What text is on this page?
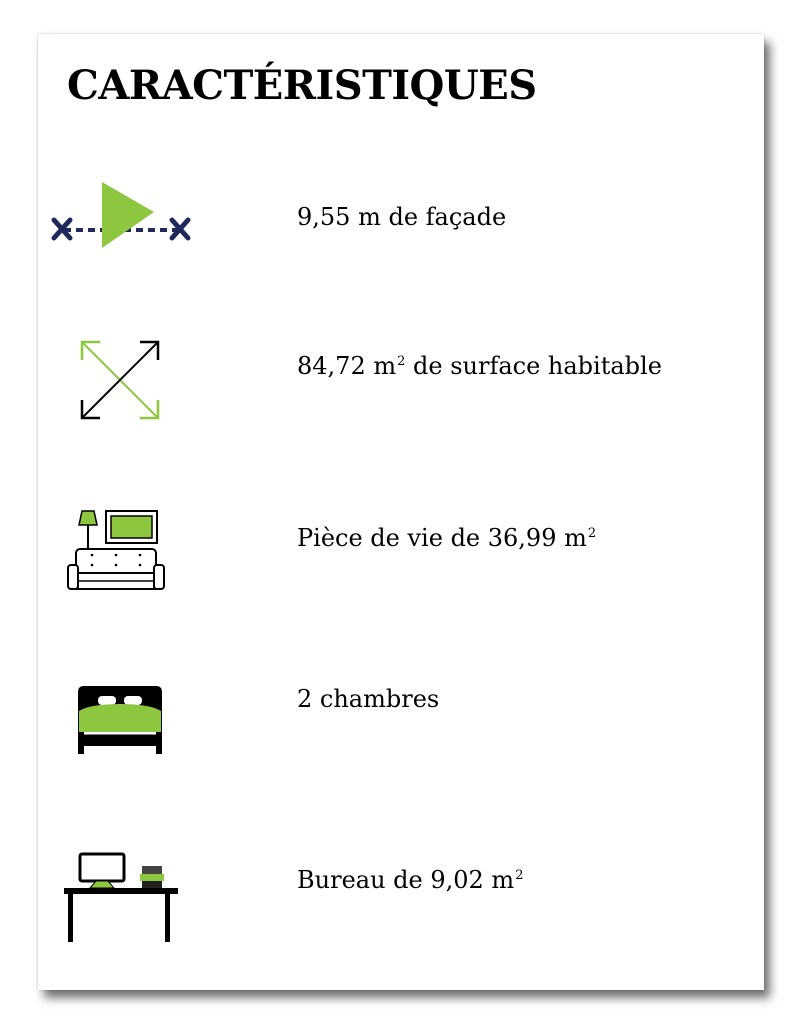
CARACTÉRISTIQUES
9,55 m de façade
84,72 $m^2$ de surface habitable
Pièce de vie de 36,99 $m^2$
2 chambres
Bureau de 9,02 $m^2$
